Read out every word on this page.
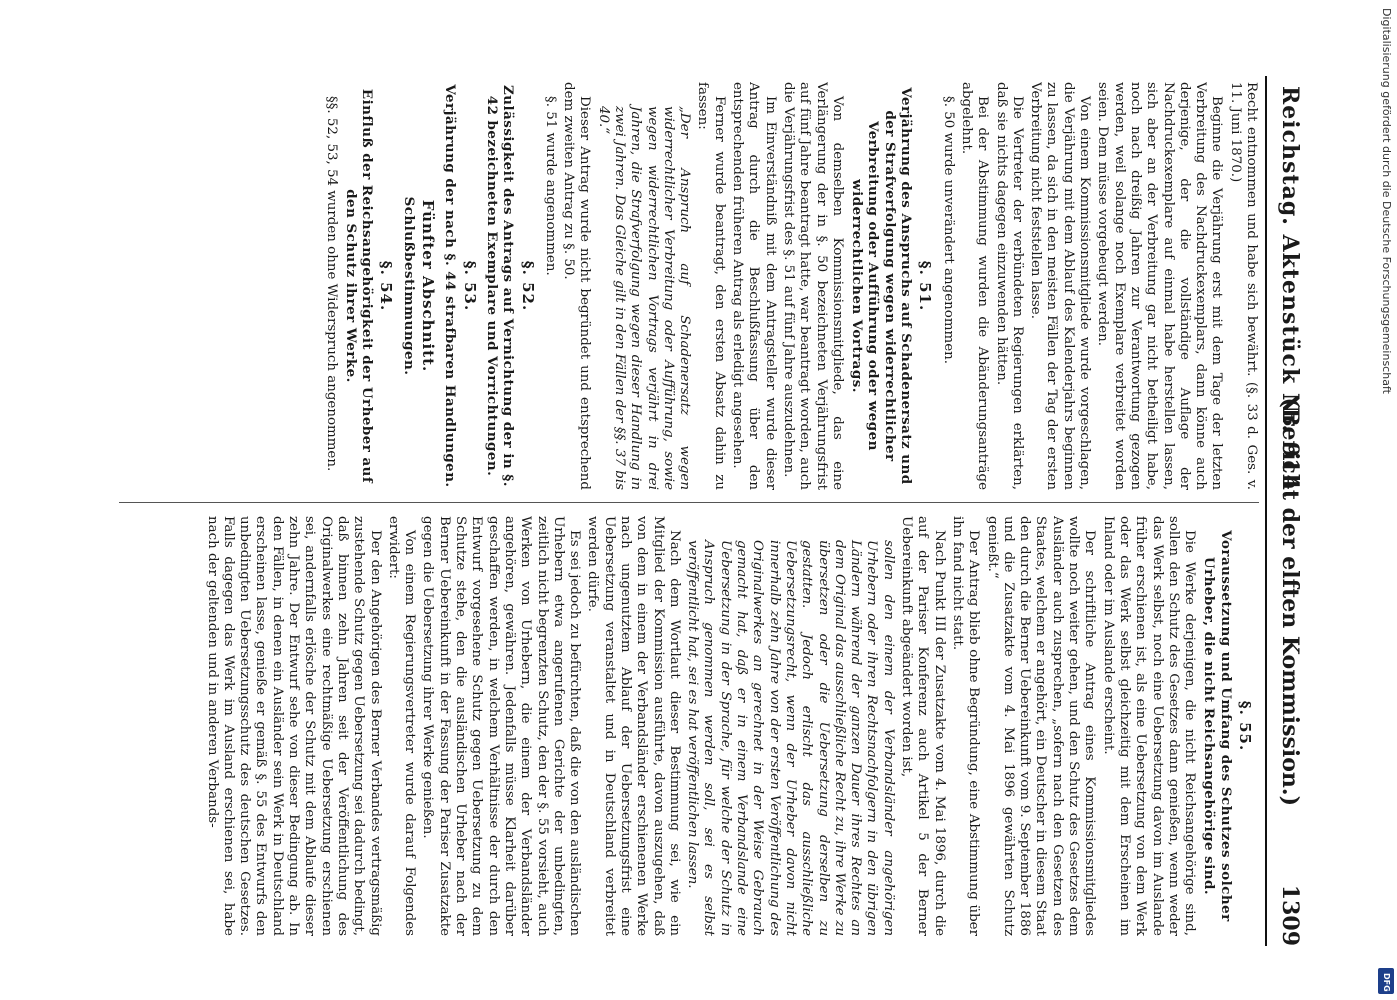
Reichstag. Aktenstück Nr. 914.
(Bericht der elften Kommission.)
1309

Recht entnommen und habe sich bewährt. (§. 33 d. Ges. v. 11. Juni 1870.)

Beginne die Verjährung erst mit dem Tage der letzten Verbreitung des Nachdruckexemplars, dann könne auch derjenige, der die vollständige Auflage der Nachdruckexemplare auf einmal habe herstellen lassen, sich aber an der Verbreitung gar nicht betheiligt habe, noch nach dreißig Jahren zur Verantwortung gezogen werden, weil solange noch Exemplare verbreitet worden seien. Dem müsse vorgebeugt werden.

Von einem Kommissionsmitgliede wurde vorgeschlagen, die Verjährung mit dem Ablauf des Kalenderjahrs beginnen zu lassen, da sich in den meisten Fällen der Tag der ersten Verbreitung nicht feststellen lasse.

Die Vertreter der verbündeten Regierungen erklärten, daß sie nichts dagegen einzuwenden hätten.

Bei der Abstimmung wurden die Abänderungsanträge abgelehnt.

§. 50 wurde unverändert angenommen.

§. 51.
Verjährung des Anspruchs auf Schadenersatz und der Strafverfolgung wegen widerrechtlicher Verbreitung oder Aufführung oder wegen widerrechtlichen Vortrags.

Von demselben Kommissionsmitgliede, das eine Verlängerung der in §. 50 bezeichneten Verjährungsfrist auf fünf Jahre beantragt hatte, war beantragt worden, auch die Verjährungsfrist des §. 51 auf fünf Jahre auszudehnen.

Im Einverständniß mit dem Antragsteller wurde dieser Antrag durch die Beschlußfassung über den entsprechenden früheren Antrag als erledigt angesehen.

Ferner wurde beantragt, den ersten Absatz dahin zu fassen:

„Der Anspruch auf Schadenersatz wegen widerrechtlicher Verbreitung oder Aufführung, sowie wegen widerrechtlichen Vortrags verjährt in drei Jahren, die Strafverfolgung wegen dieser Handlung in zwei Jahren. Das Gleiche gilt in den Fällen der §§. 37 bis 40.“

Dieser Antrag wurde nicht begründet und entsprechend dem zweiten Antrag zu §. 50.

§. 51 wurde angenommen.

§. 52.
Zulässigkeit des Antrags auf Vernichtung der in §. 42 bezeichneten Exemplare und Vorrichtungen.
§. 53.
Verjährung der nach §. 44 strafbaren Handlungen.
Fünfter Abschnitt.
Schlußbestimmungen.
§. 54.
Einfluß der Reichsangehörigkeit der Urheber auf den Schutz ihrer Werke.

§§. 52, 53, 54 wurden ohne Widerspruch angenommen.

§. 55.
Voraussetzung und Umfang des Schutzes solcher Urheber, die nicht Reichsangehörige sind.

Die Werke derjenigen, die nicht Reichsangehörige sind, sollen den Schutz des Gesetzes dann genießen, wenn weder das Werk selbst, noch eine Uebersetzung davon im Auslande früher erschienen ist, als eine Uebersetzung von dem Werk oder das Werk selbst gleichzeitig mit dem Erscheinen im Inland oder im Auslande erscheint.

Der schriftliche Antrag eines Kommissionsmitgliedes wollte noch weiter gehen, und den Schutz des Gesetzes dem Ausländer auch zusprechen, „sofern nach den Gesetzen des Staates, welchem er angehört, ein Deutscher in diesem Staat den durch die Berner Uebereinkunft vom 9. September 1886 und die Zusatzakte vom 4. Mai 1896 gewährten Schutz genießt.“

Der Antrag blieb ohne Begründung, eine Abstimmung über ihn fand nicht statt.

Nach Punkt III der Zusatzakte vom 4. Mai 1896, durch die auf der Pariser Konferenz auch Artikel 5 der Berner Uebereinkunft abgeändert worden ist,

sollen den einem der Verbandsländer angehörigen Urhebern oder ihren Rechtsnachfolgern in den übrigen Ländern während der ganzen Dauer ihres Rechtes an dem Original das ausschließliche Recht zu, ihre Werke zu übersetzen oder die Uebersetzung derselben zu gestatten. Jedoch erlischt das ausschließliche Uebersetzungsrecht, wenn der Urheber davon nicht innerhalb zehn Jahre von der ersten Veröffentlichung des Originalwerkes an gerechnet in der Weise Gebrauch gemacht hat, daß er in einem Verbandslande eine Uebersetzung in der Sprache, für welche der Schutz in Anspruch genommen werden soll, sei es selbst veröffentlicht hat, sei es hat veröffentlichen lassen.

Nach dem Wortlaut dieser Bestimmung sei, wie ein Mitglied der Kommission ausführte, davon auszugehen, daß von dem in einem der Verbandsländer erschienenen Werke nach ungenutztem Ablauf der Uebersetzungsfrist eine Uebersetzung veranstaltet und in Deutschland verbreitet werden dürfe.

Es sei jedoch zu befürchten, daß die von den ausländischen Urhebern etwa angerufenen Gerichte der unbedingten, zeitlich nicht begrenzten Schutz, den der §. 55 vorsieht, auch Werken von Urhebern, die einem der Verbandsländer angehören, gewähren. Jedenfalls müsse Klarheit darüber geschaffen werden, in welchem Verhältnisse der durch den Entwurf vorgesehene Schutz gegen Uebersetzung zu dem Schutze stehe, den die ausländischen Urheber nach der Berner Uebereinkunft in der Fassung der Pariser Zusatzakte gegen die Uebersetzung ihrer Werke genießen.

Von einem Regierungsvertreter wurde darauf Folgendes erwidert:

Der den Angehörigen des Berner Verbandes vertragsmäßig zustehende Schutz gegen Uebersetzung sei dadurch bedingt, daß binnen zehn Jahren seit der Veröffentlichung des Originalwerkes eine rechtmäßige Uebersetzung erschienen sei, andernfalls erlösche der Schutz mit dem Ablaufe dieser zehn Jahre. Der Entwurf sehe von dieser Bedingung ab. In den Fällen, in denen ein Ausländer sein Werk in Deutschland erscheinen lasse, genieße er gemäß §. 55 des Entwurfs den unbedingten Uebersetzungsschutz des deutschen Gesetzes. Falls dagegen das Werk im Ausland erschienen sei, habe nach der geltenden und in anderen Verbands-

Digitalisierung gefördert durch die Deutsche Forschungsgemeinschaft
DFG
